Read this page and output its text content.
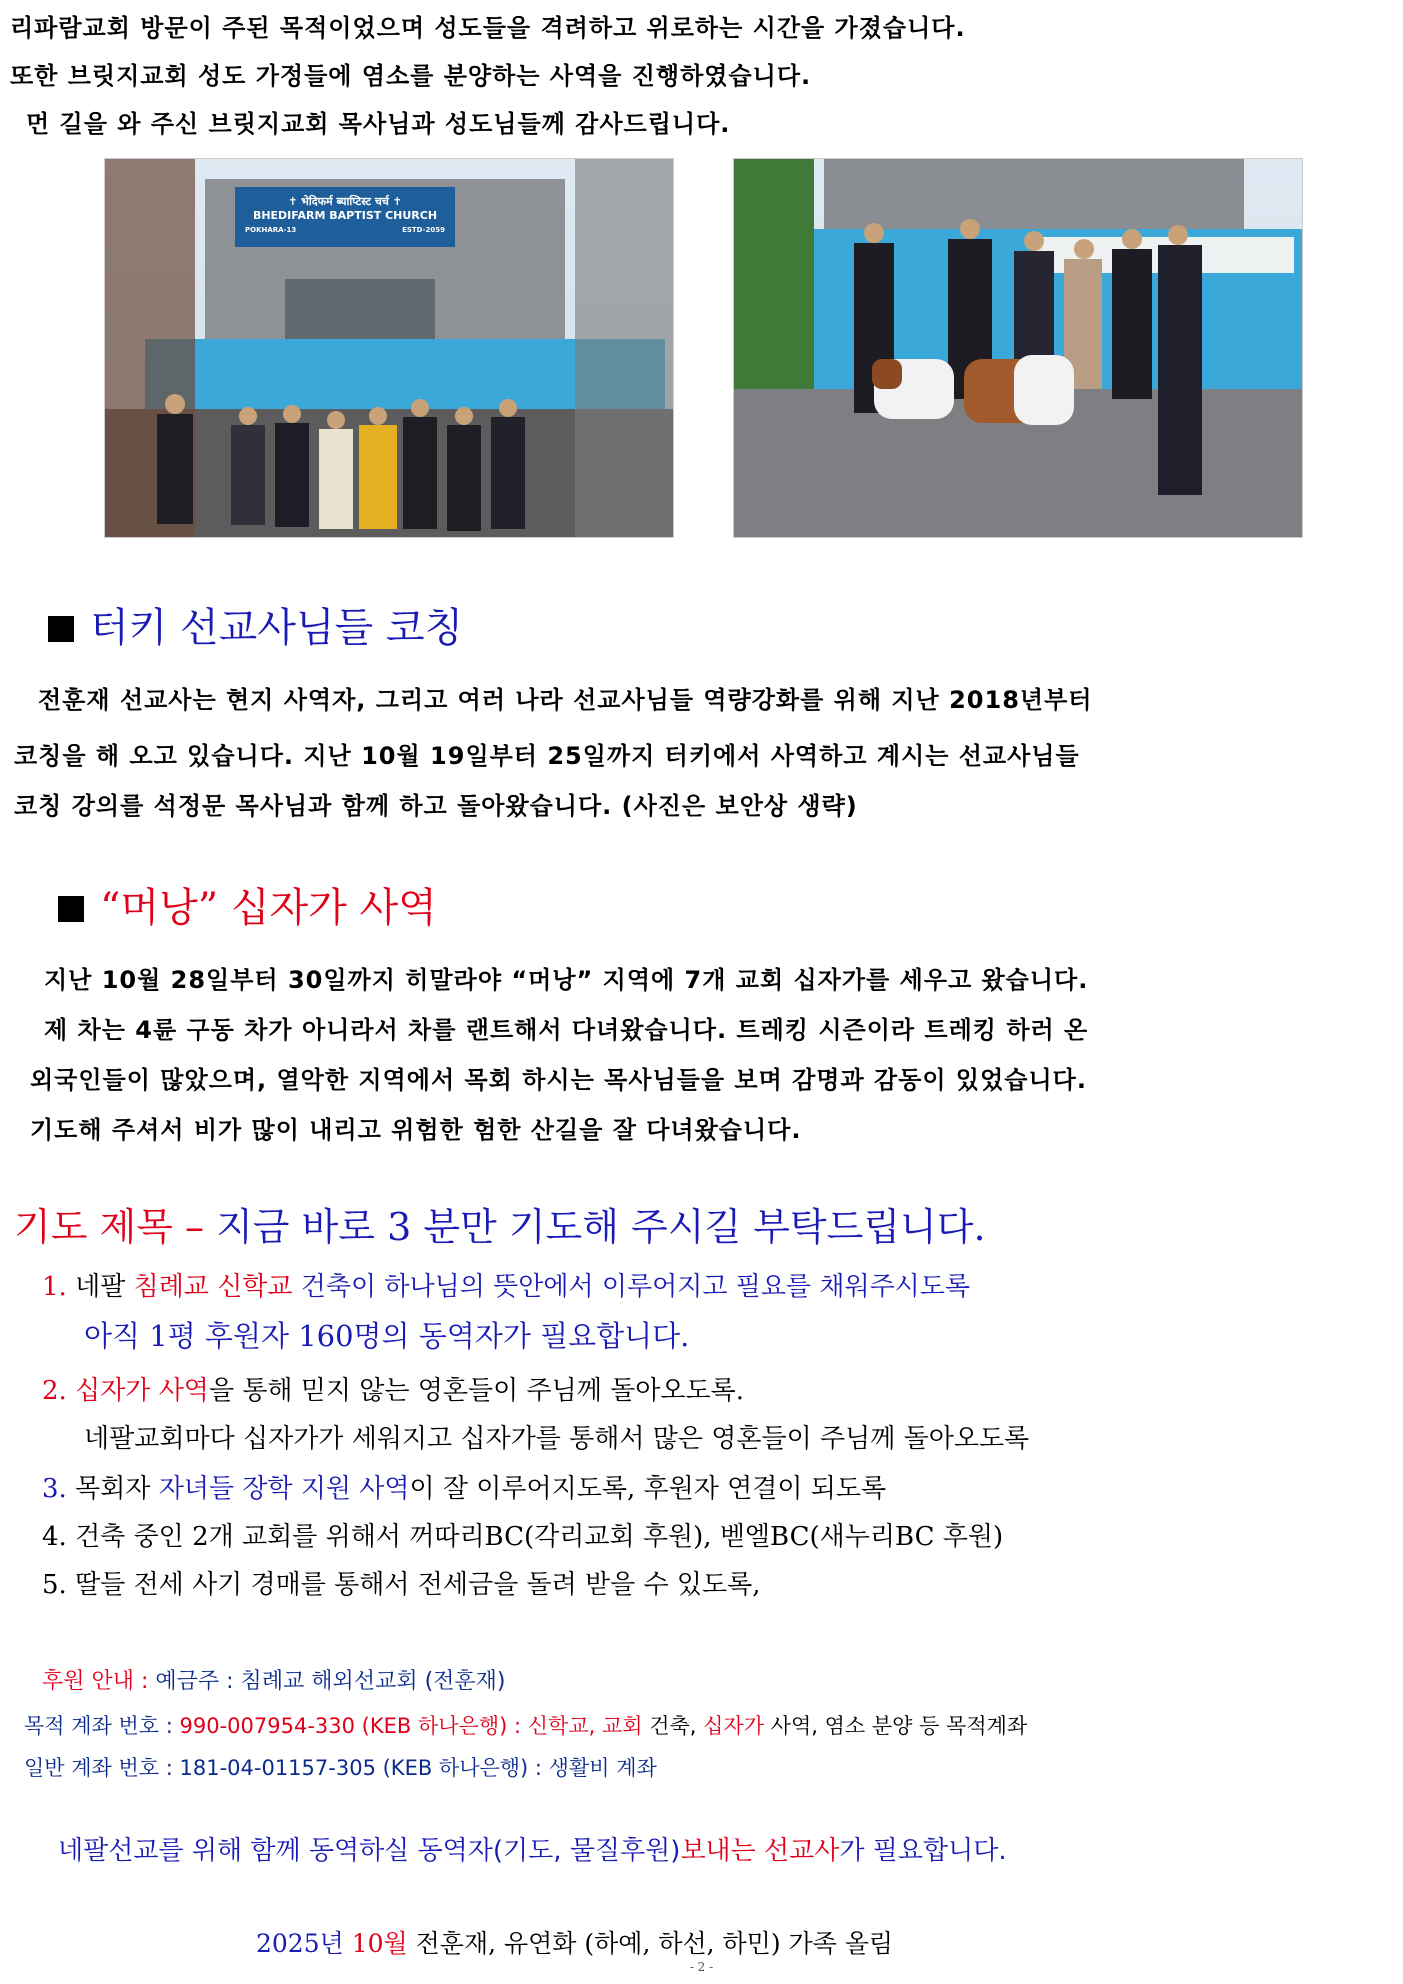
리파람교회 방문이 주된 목적이었으며 성도들을 격려하고 위로하는 시간을 가졌습니다.
또한 브릿지교회 성도 가정들에 염소를 분양하는 사역을 진행하였습니다.
먼 길을 와 주신 브릿지교회 목사님과 성도님들께 감사드립니다.
✝ भेदिफर्म ब्याप्टिस्ट चर्च ✝
BHEDIFARM BAPTIST CHURCH
POKHARA-13	ESTD-2059
터키 선교사님들 코칭
전훈재 선교사는 현지 사역자, 그리고 여러 나라 선교사님들 역량강화를 위해 지난 2018년부터
코칭을 해 오고 있습니다. 지난 10월 19일부터 25일까지 터키에서 사역하고 계시는 선교사님들
코칭 강의를 석정문 목사님과 함께 하고 돌아왔습니다. (사진은 보안상 생략)
“머낭” 십자가 사역
지난 10월 28일부터 30일까지 히말라야 “머낭” 지역에 7개 교회 십자가를 세우고 왔습니다.
제 차는 4륜 구동 차가 아니라서 차를 랜트해서 다녀왔습니다. 트레킹 시즌이라 트레킹 하러 온
외국인들이 많았으며, 열악한 지역에서 목회 하시는 목사님들을 보며 감명과 감동이 있었습니다.
기도해 주셔서 비가 많이 내리고 위험한 험한 산길을 잘 다녀왔습니다.
기도 제목 – 지금 바로 3 분만 기도해 주시길 부탁드립니다.
1. 네팔 침례교 신학교 건축이 하나님의 뜻안에서 이루어지고 필요를 채워주시도록
아직 1평 후원자 160명의 동역자가 필요합니다.
2. 십자가 사역을 통해 믿지 않는 영혼들이 주님께 돌아오도록.
네팔교회마다 십자가가 세워지고 십자가를 통해서 많은 영혼들이 주님께 돌아오도록
3. 목회자 자녀들 장학 지원 사역이 잘 이루어지도록, 후원자 연결이 되도록
4. 건축 중인 2개 교회를 위해서 꺼따리BC(각리교회 후원), 벧엘BC(새누리BC 후원)
5. 딸들 전세 사기 경매를 통해서 전세금을 돌려 받을 수 있도록,
후원 안내 : 예금주 : 침례교 해외선교회 (전훈재)
목적 계좌 번호 : 990-007954-330 (KEB 하나은행) : 신학교, 교회 건축, 십자가 사역, 염소 분양 등 목적계좌
일반 계좌 번호 : 181-04-01157-305 (KEB 하나은행) : 생활비 계좌
네팔선교를 위해 함께 동역하실 동역자(기도, 물질후원)보내는 선교사가 필요합니다.
2025년 10월 전훈재, 유연화 (하예, 하선, 하민) 가족 올림
- 2 -
